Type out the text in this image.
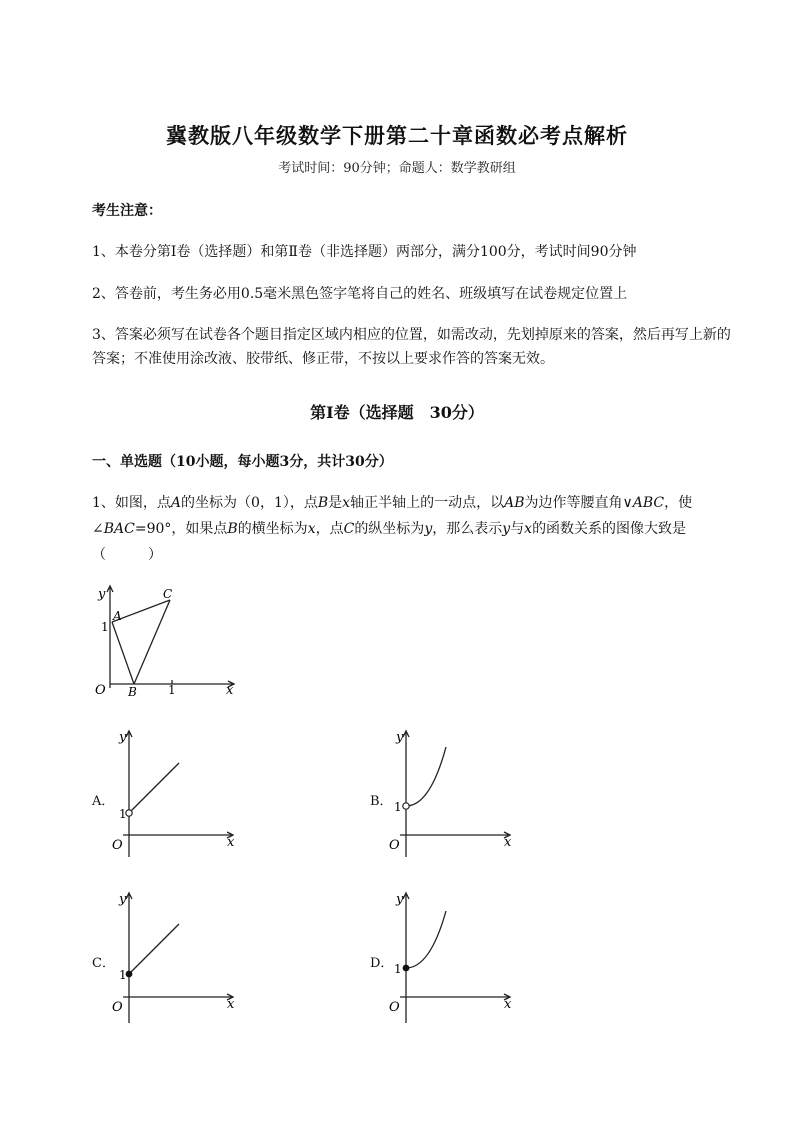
冀教版八年级数学下册第二十章函数必考点解析
考试时间：90分钟；命题人：数学教研组
考生注意：
1、本卷分第I卷（选择题）和第Ⅱ卷（非选择题）两部分，满分100分，考试时间90分钟
2、答卷前，考生务必用0.5毫米黑色签字笔将自己的姓名、班级填写在试卷规定位置上
3、答案必须写在试卷各个题目指定区域内相应的位置，如需改动，先划掉原来的答案，然后再写上新的答案；不准使用涂改液、胶带纸、修正带，不按以上要求作答的答案无效。
第I卷（选择题　30分）
一、单选题（10小题，每小题3分，共计30分）
1、如图，点A的坐标为（0，1），点B是x轴正半轴上的一动点，以AB为边作等腰直角∨ABC，使∠BAC=90°，如果点B的横坐标为x，点C的纵坐标为y，那么表示y与x的函数关系的图像大致是
（　　　）
y
x
O
1
1
A
B
C
A．
y
x
O
1
B．
y
x
O
1
C．
y
x
O
1
D．
y
x
O
1
